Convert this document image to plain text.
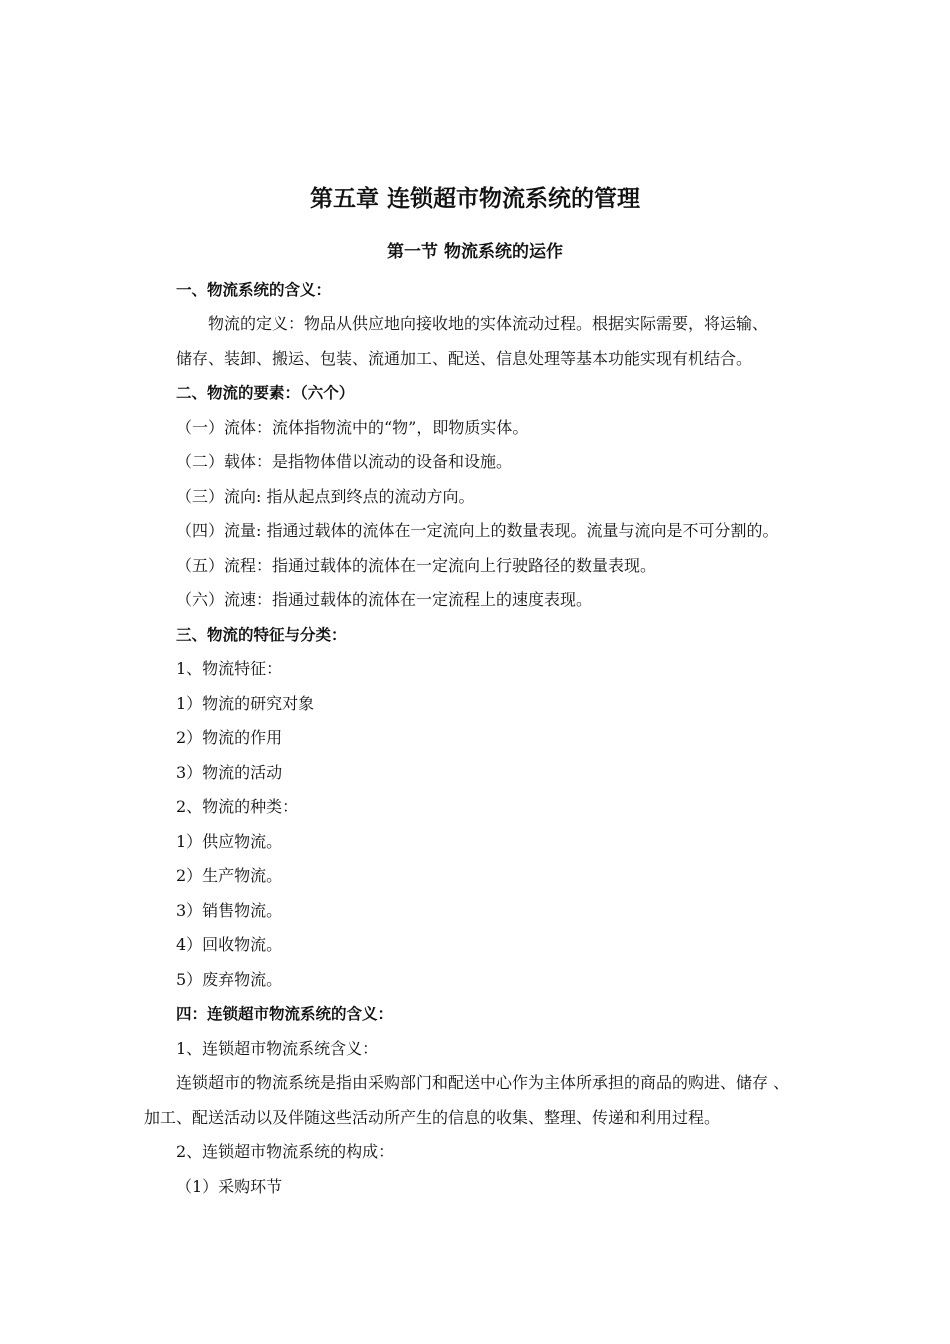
第五章 连锁超市物流系统的管理
第一节 物流系统的运作
一、物流系统的含义：
物流的定义：物品从供应地向接收地的实体流动过程。根据实际需要，将运输、
储存、装卸、搬运、包装、流通加工、配送、信息处理等基本功能实现有机结合。
二、物流的要素：（六个）
（一）流体：流体指物流中的“物”，即物质实体。
（二）载体：是指物体借以流动的设备和设施。
（三）流向: 指从起点到终点的流动方向。
（四）流量: 指通过载体的流体在一定流向上的数量表现。流量与流向是不可分割的。
（五）流程：指通过载体的流体在一定流向上行驶路径的数量表现。
（六）流速：指通过载体的流体在一定流程上的速度表现。
三、物流的特征与分类：
1、物流特征：
1）物流的研究对象
2）物流的作用
3）物流的活动
2、物流的种类：
1）供应物流。
2）生产物流。
3）销售物流。
4）回收物流。
5）废弃物流。
四：连锁超市物流系统的含义：
1、连锁超市物流系统含义：
连锁超市的物流系统是指由采购部门和配送中心作为主体所承担的商品的购进、储存 、
加工、配送活动以及伴随这些活动所产生的信息的收集、整理、传递和利用过程。
2、连锁超市物流系统的构成：
（1）采购环节
